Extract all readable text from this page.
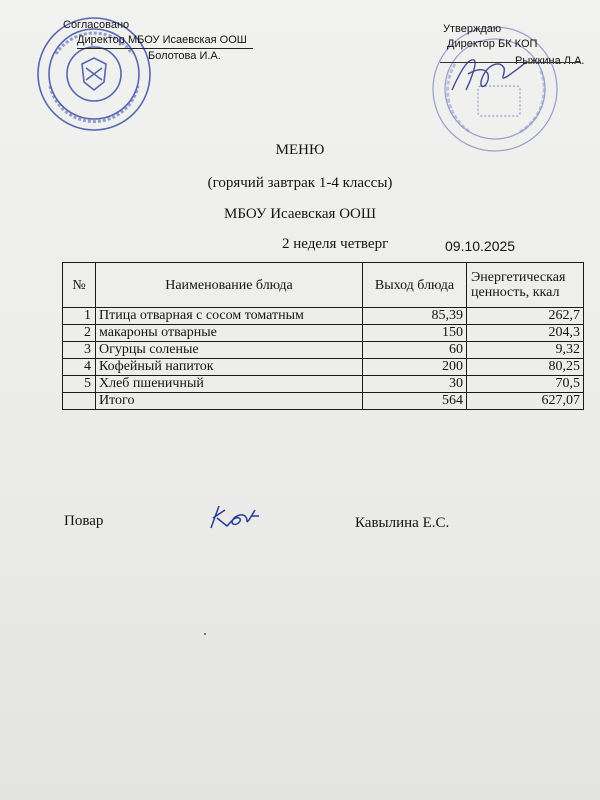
Согласовано
Директор МБОУ Исаевская ООШ
Болотова И.А.
Утверждаю
Директор БК КОП
Рыжкина Л.А.
МЕНЮ
(горячий завтрак 1-4 классы)
МБОУ Исаевская ООШ
2 неделя четверг	09.10.2025
№	Наименование блюда	Выход блюда	Энергетическая ценность, ккал
1	Птица отварная с сосом томатным	85,39	262,7
2	макароны отварные	150	204,3
3	Огурцы соленые	60	9,32
4	Кофейный напиток	200	80,25
5	Хлеб пшеничный	30	70,5
	Итого	564	627,07
Повар	Кавылина Е.С.
